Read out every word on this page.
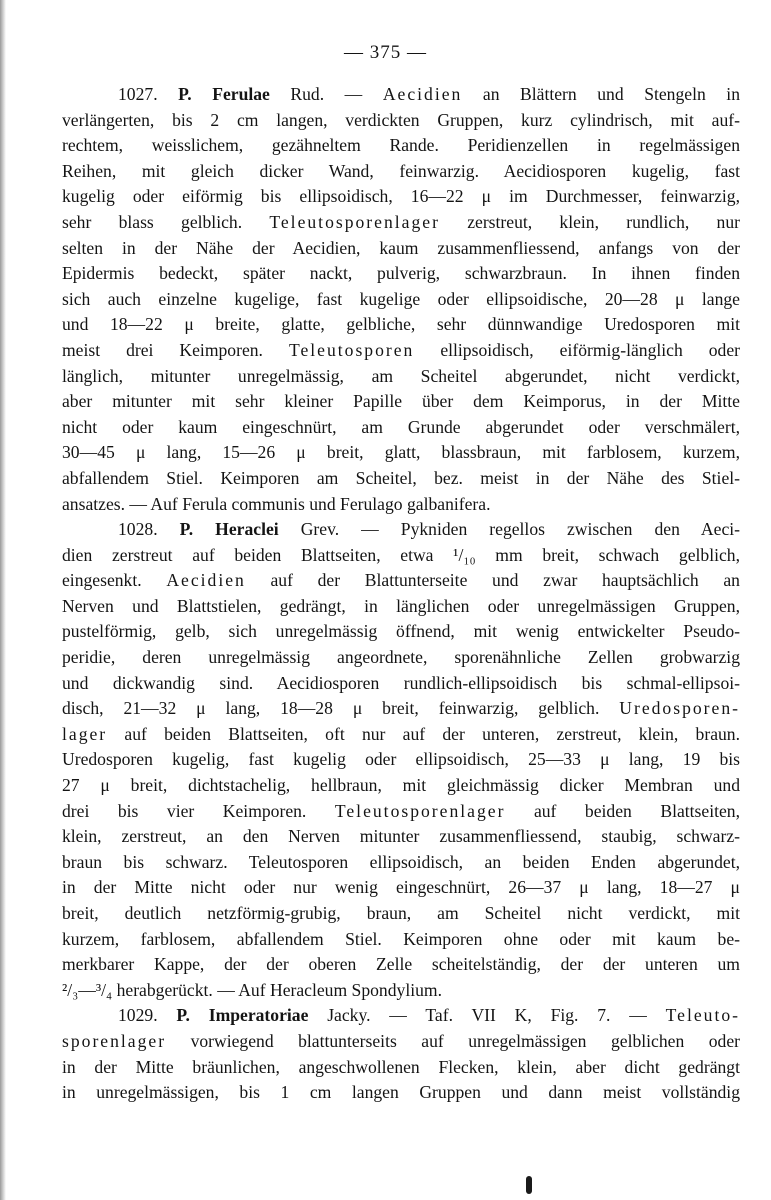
— 375 —
1027. P. Ferulae Rud. — Aecidien an Blättern und Stengeln in
verlängerten, bis 2 cm langen, verdickten Gruppen, kurz cylindrisch, mit auf-
rechtem, weisslichem, gezähneltem Rande. Peridienzellen in regelmässigen
Reihen, mit gleich dicker Wand, feinwarzig. Aecidiosporen kugelig, fast
kugelig oder eiförmig bis ellipsoidisch, 16—22 μ im Durchmesser, feinwarzig,
sehr blass gelblich. Teleutosporenlager zerstreut, klein, rundlich, nur
selten in der Nähe der Aecidien, kaum zusammenfliessend, anfangs von der
Epidermis bedeckt, später nackt, pulverig, schwarzbraun. In ihnen finden
sich auch einzelne kugelige, fast kugelige oder ellipsoidische, 20—28 μ lange
und 18—22 μ breite, glatte, gelbliche, sehr dünnwandige Uredosporen mit
meist drei Keimporen. Teleutosporen ellipsoidisch, eiförmig-länglich oder
länglich, mitunter unregelmässig, am Scheitel abgerundet, nicht verdickt,
aber mitunter mit sehr kleiner Papille über dem Keimporus, in der Mitte
nicht oder kaum eingeschnürt, am Grunde abgerundet oder verschmälert,
30—45 μ lang, 15—26 μ breit, glatt, blassbraun, mit farblosem, kurzem,
abfallendem Stiel. Keimporen am Scheitel, bez. meist in der Nähe des Stiel-
ansatzes. — Auf Ferula communis und Ferulago galbanifera.
1028. P. Heraclei Grev. — Pykniden regellos zwischen den Aeci-
dien zerstreut auf beiden Blattseiten, etwa ¹/₁₀ mm breit, schwach gelblich,
eingesenkt. Aecidien auf der Blattunterseite und zwar hauptsächlich an
Nerven und Blattstielen, gedrängt, in länglichen oder unregelmässigen Gruppen,
pustelförmig, gelb, sich unregelmässig öffnend, mit wenig entwickelter Pseudo-
peridie, deren unregelmässig angeordnete, sporenähnliche Zellen grobwarzig
und dickwandig sind. Aecidiosporen rundlich-ellipsoidisch bis schmal-ellipsoi-
disch, 21—32 μ lang, 18—28 μ breit, feinwarzig, gelblich. Uredosporen-
lager auf beiden Blattseiten, oft nur auf der unteren, zerstreut, klein, braun.
Uredosporen kugelig, fast kugelig oder ellipsoidisch, 25—33 μ lang, 19 bis
27 μ breit, dichtstachelig, hellbraun, mit gleichmässig dicker Membran und
drei bis vier Keimporen. Teleutosporenlager auf beiden Blattseiten,
klein, zerstreut, an den Nerven mitunter zusammenfliessend, staubig, schwarz-
braun bis schwarz. Teleutosporen ellipsoidisch, an beiden Enden abgerundet,
in der Mitte nicht oder nur wenig eingeschnürt, 26—37 μ lang, 18—27 μ
breit, deutlich netzförmig-grubig, braun, am Scheitel nicht verdickt, mit
kurzem, farblosem, abfallendem Stiel. Keimporen ohne oder mit kaum be-
merkbarer Kappe, der der oberen Zelle scheitelständig, der der unteren um
²/₃—³/₄ herabgerückt. — Auf Heracleum Spondylium.
1029. P. Imperatoriae Jacky. — Taf. VII K, Fig. 7. — Teleuto-
sporenlager vorwiegend blattunterseits auf unregelmässigen gelblichen oder
in der Mitte bräunlichen, angeschwollenen Flecken, klein, aber dicht gedrängt
in unregelmässigen, bis 1 cm langen Gruppen und dann meist vollständig
